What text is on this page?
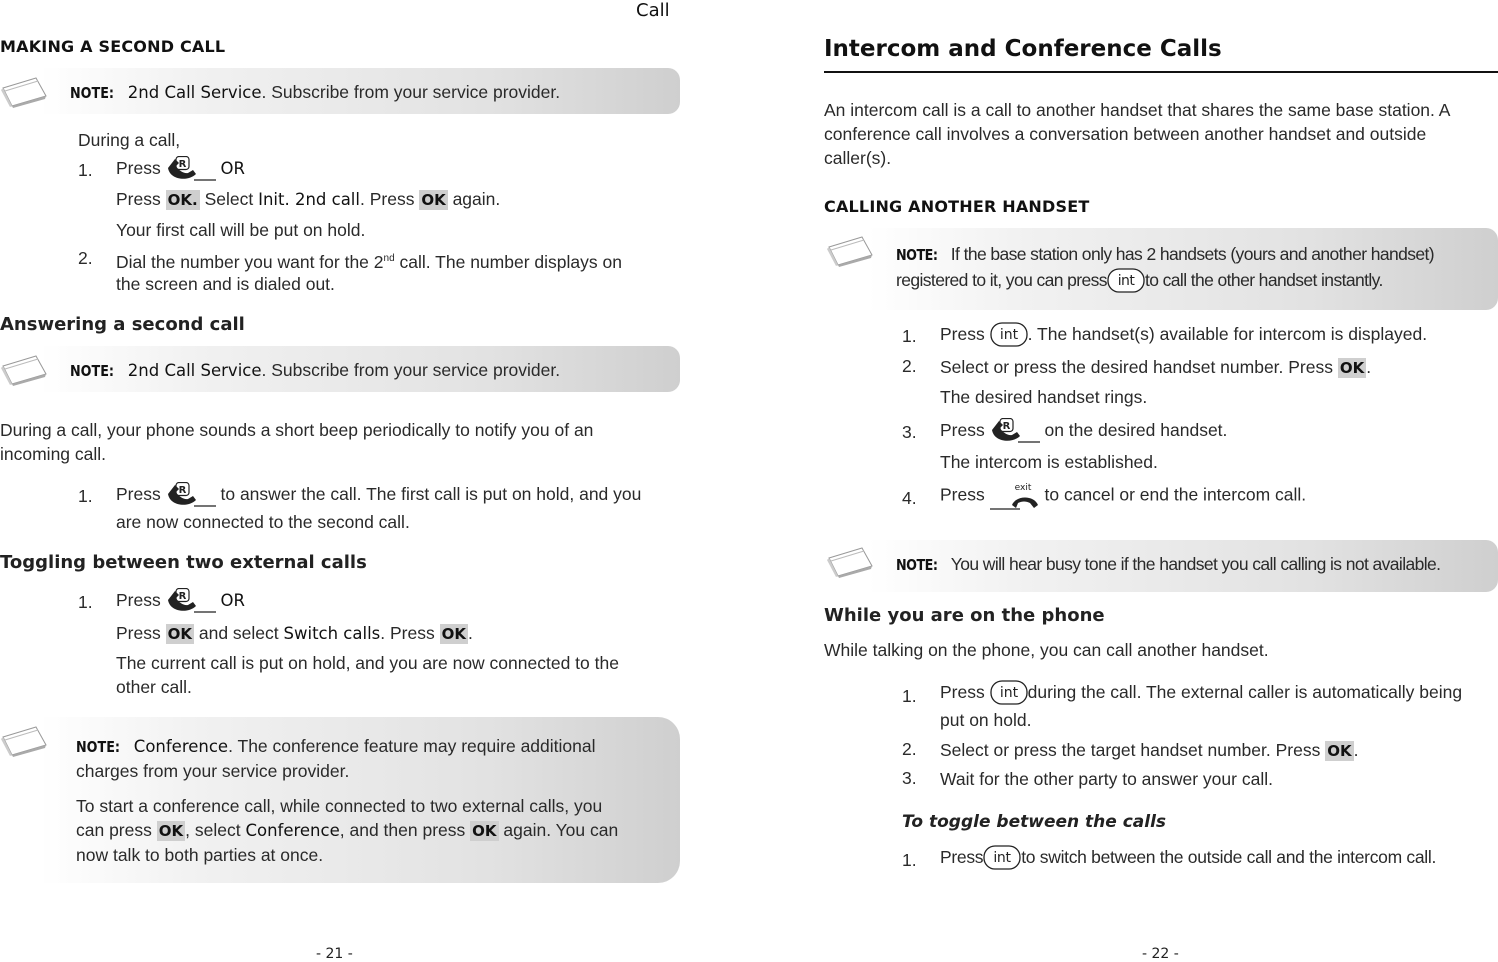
Call
MAKING A SECOND CALL
NOTE: 2nd Call Service. Subscribe from your service provider.
During a call,
1. Press	OR
Press OK. Select Init. 2nd call. Press OK again.
Your first call will be put on hold.
2. Dial the number you want for the 2nd call. The number displays on
the screen and is dialed out.
Answering a second call
NOTE: 2nd Call Service. Subscribe from your service provider.
During a call, your phone sounds a short beep periodically to notify you of an
incoming call.
1. Press	to answer the call. The first call is put on hold, and you
are now connected to the second call.
Toggling between two external calls
1. Press	OR
Press OK and select Switch calls. Press OK .
The current call is put on hold, and you are now connected to the
other call.
NOTE: Conference. The conference feature may require additional
charges from your service provider.
To start a conference call, while connected to two external calls, you
can press OK , select Conference, and then press OK again. You can
now talk to both parties at once.
- 21 -
Intercom and Conference Calls
An intercom call is a call to another handset that shares the same base station. A
conference call involves a conversation between another handset and outside
caller(s).
CALLING ANOTHER HANDSET
NOTE: If the base station only has 2 handsets (yours and another handset)
registered to it, you can press to call the other handset instantly.
1. Press . The handset(s) available for intercom is displayed.
2. Select or press the desired handset number. Press OK .
The desired handset rings.
3. Press	on the desired handset.
The intercom is established.
4. Press	to cancel or end the intercom call.
NOTE: You will hear busy tone if the handset you call calling is not available.
While you are on the phone
While talking on the phone, you can call another handset.
1. Press during the call. The external caller is automatically being
put on hold.
2. Select or press the target handset number. Press OK .
3. Wait for the other party to answer your call.
To toggle between the calls
1. Press to switch between the outside call and the intercom call.
- 22 -
